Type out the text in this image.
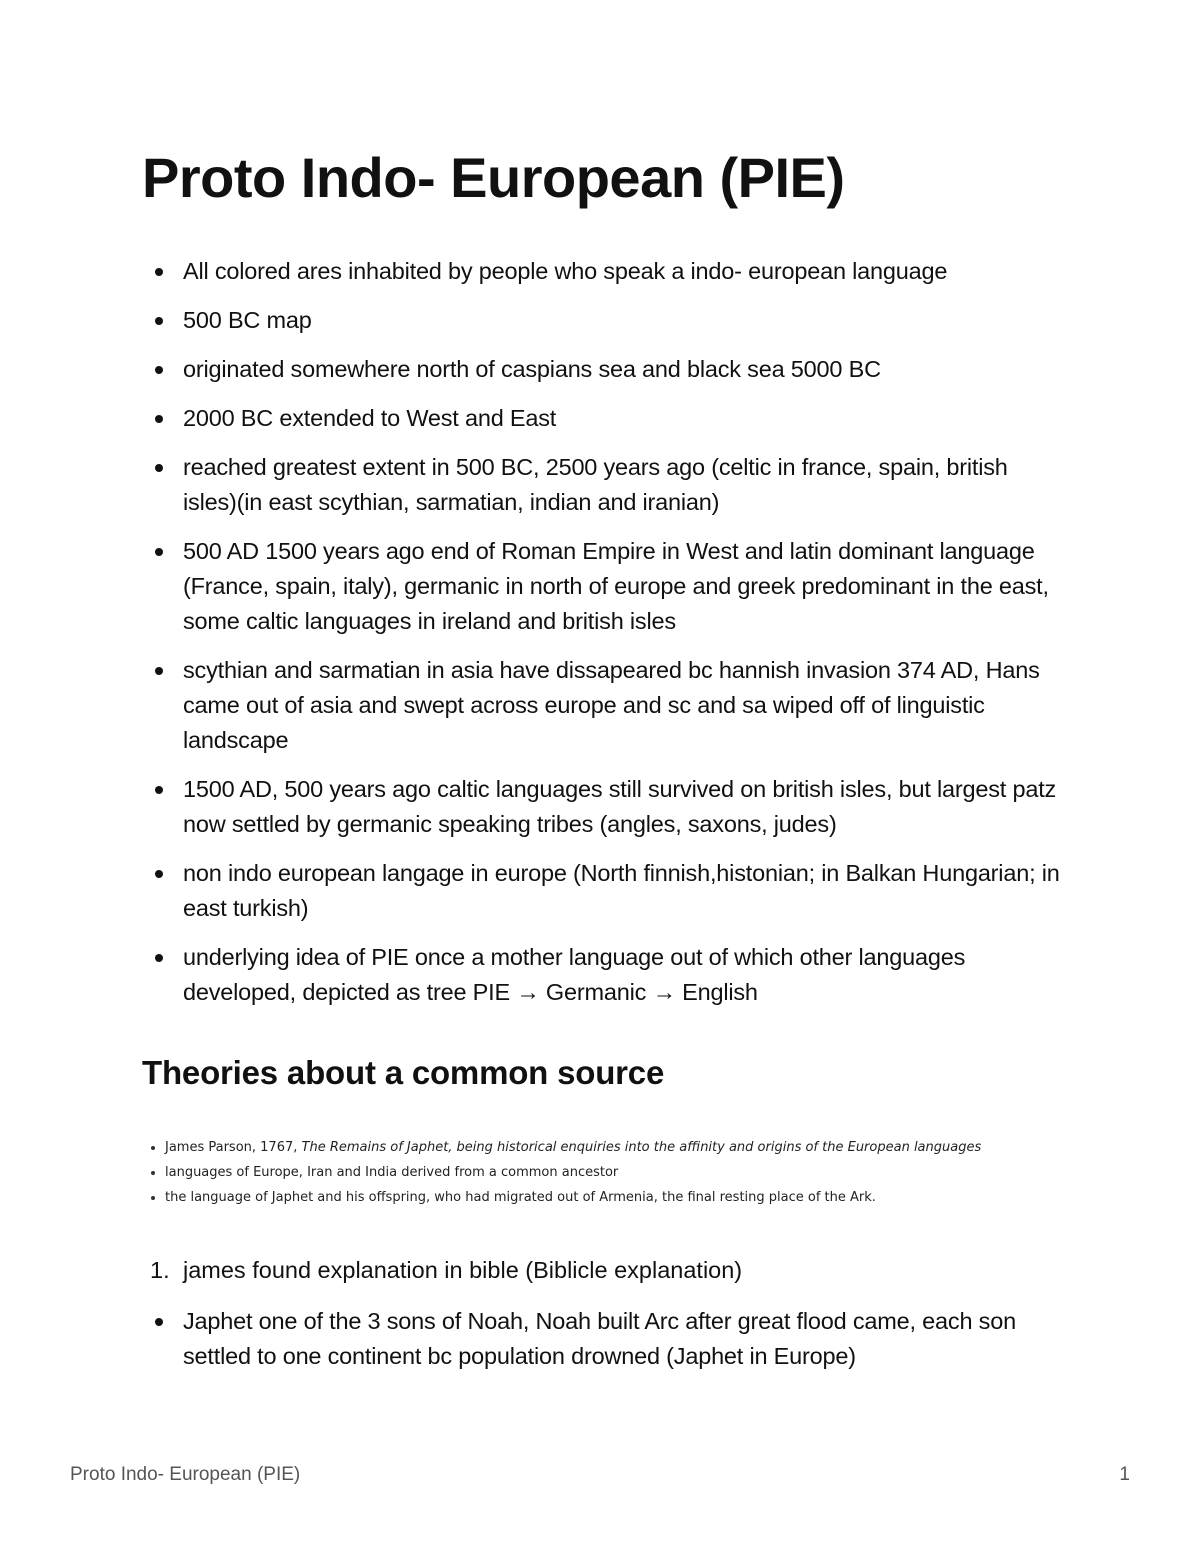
Proto Indo- European (PIE)
All colored ares inhabited by people who speak a indo- european language
500 BC map
originated somewhere north of caspians sea and black sea 5000 BC
2000 BC extended to West and East
reached greatest extent in 500 BC, 2500 years ago (celtic in france, spain, british isles)(in east scythian, sarmatian, indian and iranian)
500 AD 1500 years ago end of Roman Empire in West and latin dominant language (France, spain, italy), germanic in north of europe and greek predominant in the east, some caltic languages in ireland and british isles
scythian and sarmatian in asia have dissapeared bc hannish invasion 374 AD, Hans came out of asia and swept across europe and sc and sa wiped off of linguistic landscape
1500 AD, 500 years ago caltic languages still survived on british isles, but largest patz now settled by germanic speaking tribes (angles, saxons, judes)
non indo european langage in europe (North finnish,histonian; in Balkan Hungarian; in east turkish)
underlying idea of PIE once a mother language out of which other languages developed, depicted as tree PIE → Germanic → English
Theories about a common source
James Parson, 1767, The Remains of Japhet, being historical enquiries into the affinity and origins of the European languages
languages of Europe, Iran and India derived from a common ancestor
the language of Japhet and his offspring, who had migrated out of Armenia, the final resting place of the Ark.
1. james found explanation in bible (Biblicle explanation)
Japhet one of the 3 sons of Noah, Noah built Arc after great flood came, each son settled to one continent bc population drowned (Japhet in Europe)
Proto Indo- European (PIE)	1
